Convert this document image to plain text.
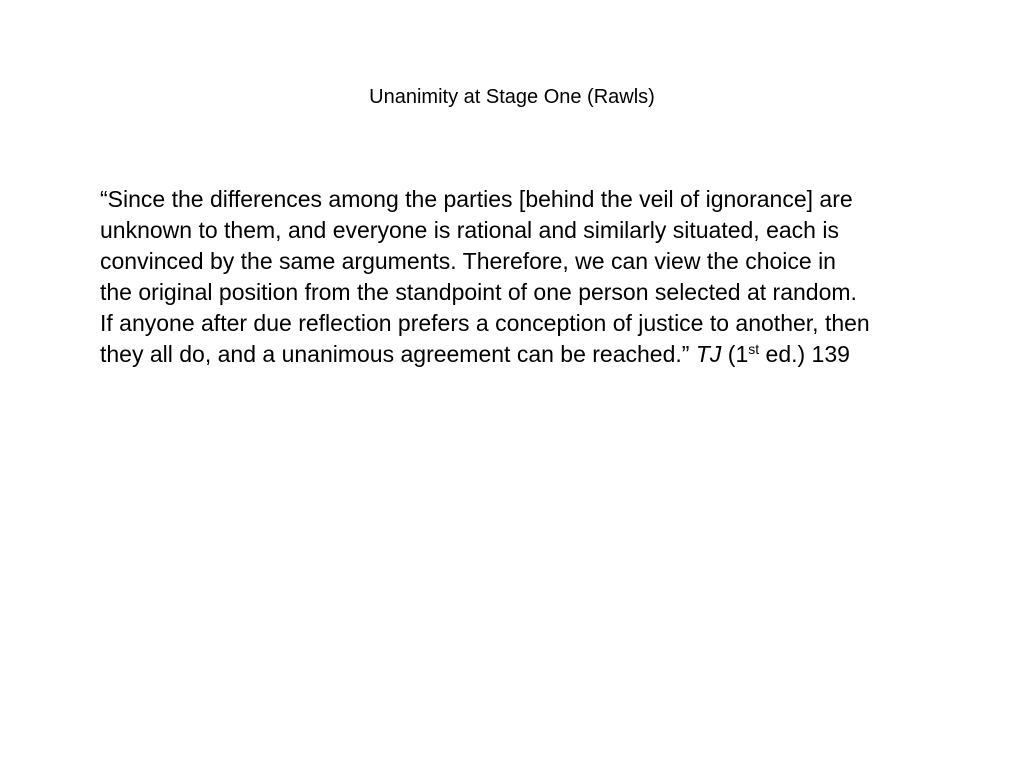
Unanimity at Stage One (Rawls)
“Since the differences among the parties [behind the veil of ignorance] are
unknown to them, and everyone is rational and similarly situated, each is
convinced by the same arguments. Therefore, we can view the choice in
the original position from the standpoint of one person selected at random.
If anyone after due reflection prefers a conception of justice to another, then
they all do, and a unanimous agreement can be reached.” TJ (1st ed.) 139
